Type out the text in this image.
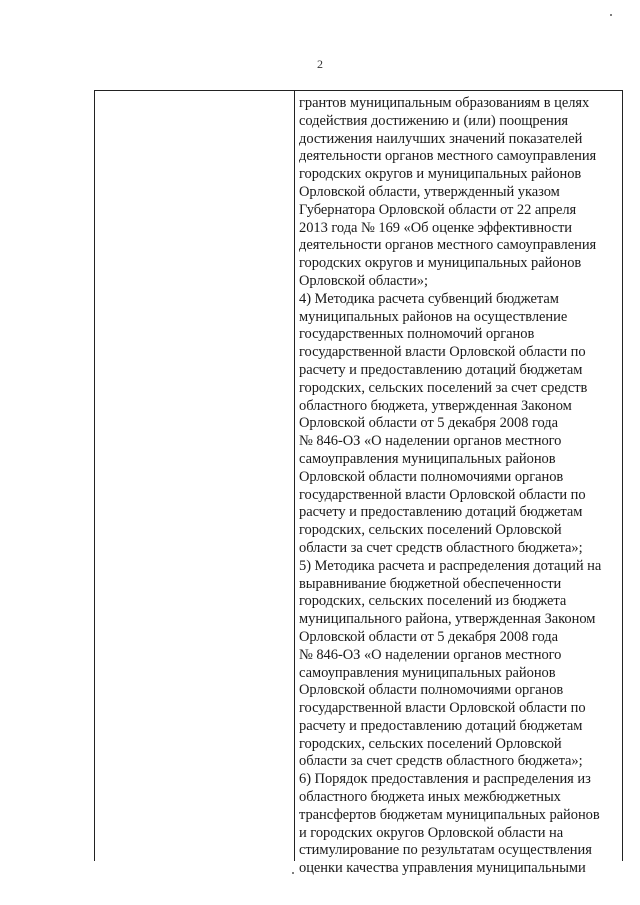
2
грантов муниципальным образованиям в целях
содействия достижению и (или) поощрения
достижения наилучших значений показателей
деятельности органов местного самоуправления
городских округов и муниципальных районов
Орловской области, утвержденный указом
Губернатора Орловской области от 22 апреля
2013 года № 169 «Об оценке эффективности
деятельности органов местного самоуправления
городских округов и муниципальных районов
Орловской области»;
4) Методика расчета субвенций бюджетам
муниципальных районов на осуществление
государственных полномочий органов
государственной власти Орловской области по
расчету и предоставлению дотаций бюджетам
городских, сельских поселений за счет средств
областного бюджета, утвержденная Законом
Орловской области от 5 декабря 2008 года
№ 846-ОЗ «О наделении органов местного
самоуправления муниципальных районов
Орловской области полномочиями органов
государственной власти Орловской области по
расчету и предоставлению дотаций бюджетам
городских, сельских поселений Орловской
области за счет средств областного бюджета»;
5) Методика расчета и распределения дотаций на
выравнивание бюджетной обеспеченности
городских, сельских поселений из бюджета
муниципального района, утвержденная Законом
Орловской области от 5 декабря 2008 года
№ 846-ОЗ «О наделении органов местного
самоуправления муниципальных районов
Орловской области полномочиями органов
государственной власти Орловской области по
расчету и предоставлению дотаций бюджетам
городских, сельских поселений Орловской
области за счет средств областного бюджета»;
6) Порядок предоставления и распределения из
областного бюджета иных межбюджетных
трансфертов бюджетам муниципальных районов
и городских округов Орловской области на
стимулирование по результатам осуществления
оценки качества управления муниципальными
